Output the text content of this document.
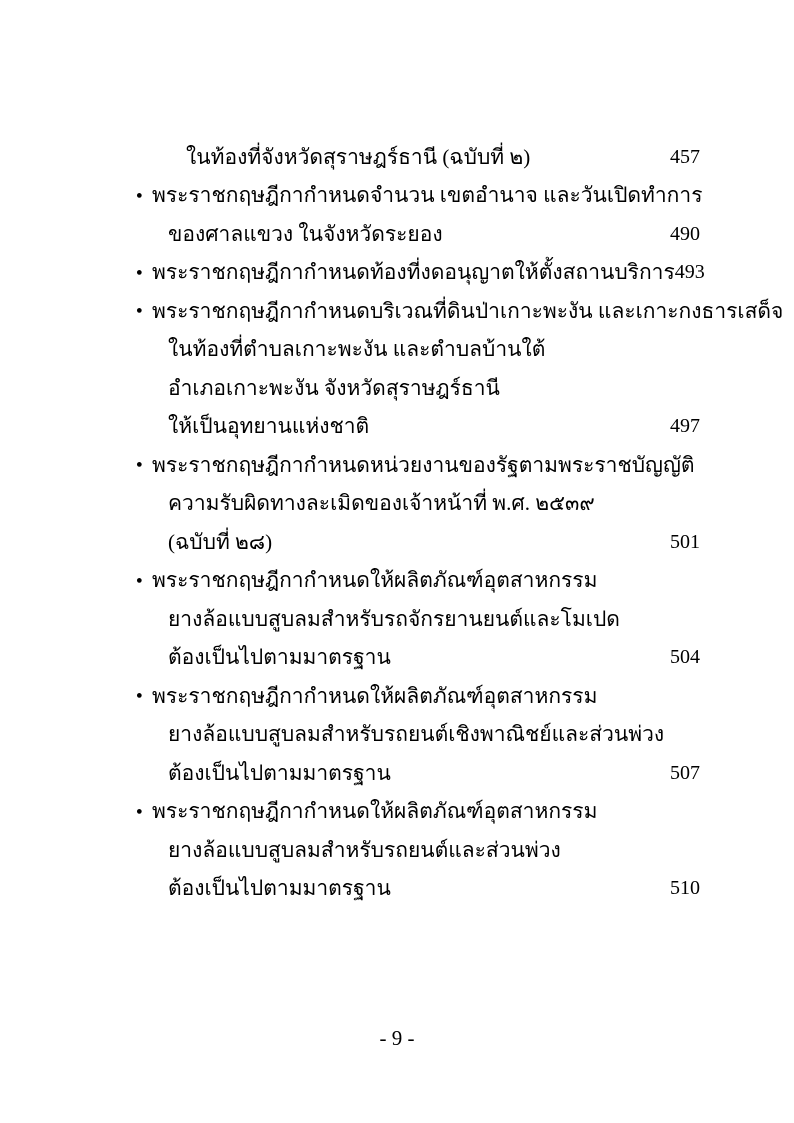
ในท้องที่จังหวัดสุราษฎร์ธานี (ฉบับที่ ๒)	457
● พระราชกฤษฎีกากำหนดจำนวน เขตอำนาจ และวันเปิดทำการ
ของศาลแขวง ในจังหวัดระยอง	490
● พระราชกฤษฎีกากำหนดท้องที่งดอนุญาตให้ตั้งสถานบริการ 493
● พระราชกฤษฎีกากำหนดบริเวณที่ดินป่าเกาะพะงัน และเกาะกงธารเสด็จ
ในท้องที่ตำบลเกาะพะงัน และตำบลบ้านใต้
อำเภอเกาะพะงัน จังหวัดสุราษฎร์ธานี
ให้เป็นอุทยานแห่งชาติ	497
● พระราชกฤษฎีกากำหนดหน่วยงานของรัฐตามพระราชบัญญัติ
ความรับผิดทางละเมิดของเจ้าหน้าที่ พ.ศ. ๒๕๓๙
(ฉบับที่ ๒๘)	501
● พระราชกฤษฎีกากำหนดให้ผลิตภัณฑ์อุตสาหกรรม
ยางล้อแบบสูบลมสำหรับรถจักรยานยนต์และโมเปด
ต้องเป็นไปตามมาตรฐาน	504
● พระราชกฤษฎีกากำหนดให้ผลิตภัณฑ์อุตสาหกรรม
ยางล้อแบบสูบลมสำหรับรถยนต์เชิงพาณิชย์และส่วนพ่วง
ต้องเป็นไปตามมาตรฐาน	507
● พระราชกฤษฎีกากำหนดให้ผลิตภัณฑ์อุตสาหกรรม
ยางล้อแบบสูบลมสำหรับรถยนต์และส่วนพ่วง
ต้องเป็นไปตามมาตรฐาน	510
- 9 -
